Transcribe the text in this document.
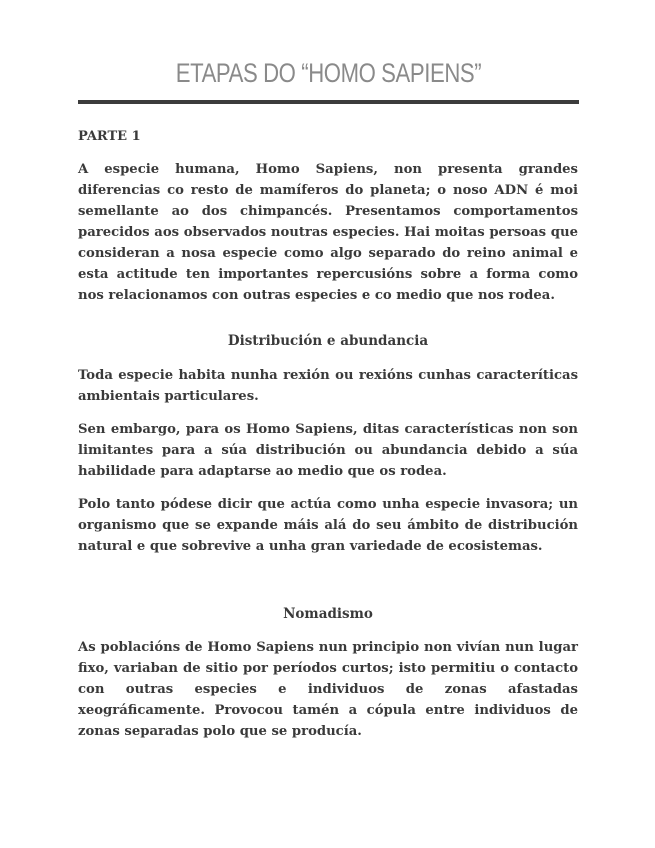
ETAPAS DO “HOMO SAPIENS”
PARTE 1

A especie humana, Homo Sapiens, non presenta grandes diferencias co resto de mamíferos do planeta; o noso ADN é moi semellante ao dos chimpancés. Presentamos comportamentos parecidos aos observados noutras especies. Hai moitas persoas que consideran a nosa especie como algo separado do reino animal e esta actitude ten importantes repercusións sobre a forma como nos relacionamos con outras especies e co medio que nos rodea.

Distribución e abundancia

Toda especie habita nunha rexión ou rexións cunhas caracteríticas ambientais particulares.

Sen embargo, para os Homo Sapiens, ditas características non son limitantes para a súa distribución ou abundancia debido a súa habilidade para adaptarse ao medio que os rodea.

Polo tanto pódese dicir que actúa como unha especie invasora; un organismo que se expande máis alá do seu ámbito de distribución natural e que sobrevive a unha gran variedade de ecosistemas.

Nomadismo

As poblacións de Homo Sapiens nun principio non vivían nun lugar fixo, variaban de sitio por períodos curtos; isto permitiu o contacto con outras especies e individuos de zonas afastadas xeográficamente. Provocou tamén a cópula entre individuos de zonas separadas polo que se producía.
